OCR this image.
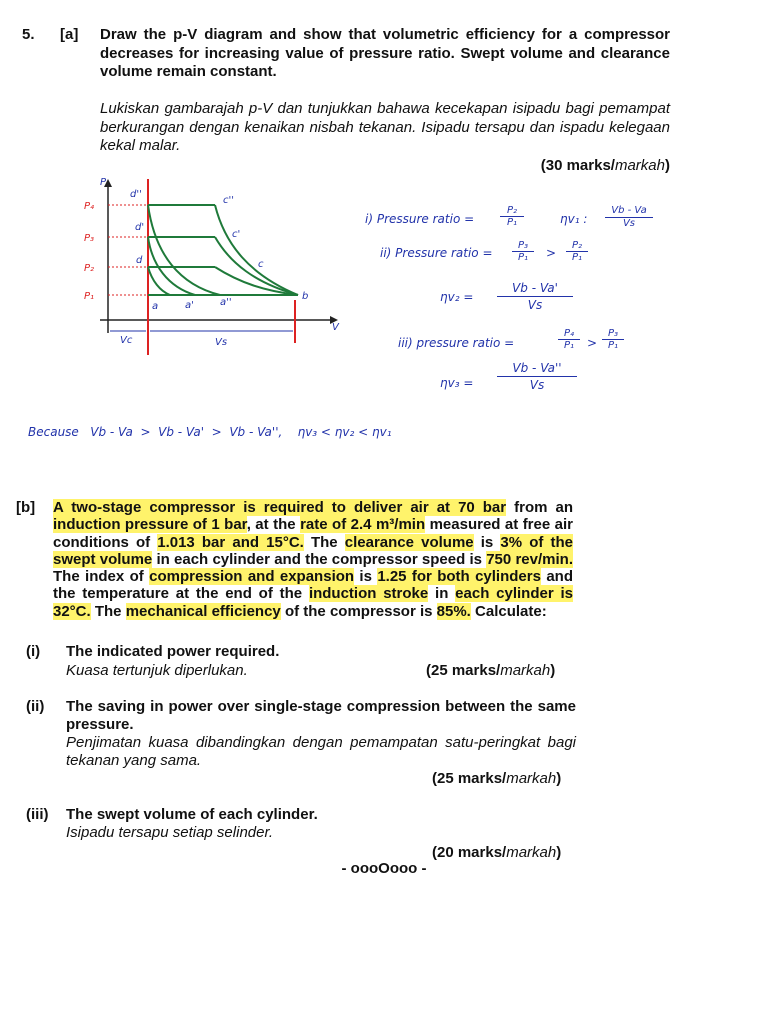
5. [a] Draw the p-V diagram and show that volumetric efficiency for a compressor decreases for increasing value of pressure ratio. Swept volume and clearance volume remain constant.
Lukiskan gambarajah p-V dan tunjukkan bahawa kecekapan isipadu bagi pemampat berkurangan dengan kenaikan nisbah tekanan. Isipadu tersapu dan ispadu kelegaan kekal malar.
(30 marks/markah)
P
V
P₄
P₃
P₂
P₁
d''
d'
d
c''
c'
c
b
a	a'	a''
Vc	Vs
i) Pressure ratio =
P₂
P₁	ηv₁ :
Vb - Va
Vs
ii) Pressure ratio =
P₃
P₁	>
P₂
P₁
ηv₂ =
Vb - Va'
Vs
iii) pressure ratio =
P₄
P₁	>
P₃
P₁
ηv₃ =
Vb - Va''
Vs
Because   Vb - Va  >  Vb - Va'  >  Vb - Va'',    ηv₃ < ηv₂ < ηv₁
[b] A two-stage compressor is required to deliver air at 70 bar from an induction pressure of 1 bar, at the rate of 2.4 m³/min measured at free air conditions of 1.013 bar and 15°C. The clearance volume is 3% of the swept volume in each cylinder and the compressor speed is 750 rev/min. The index of compression and expansion is 1.25 for both cylinders and the temperature at the end of the induction stroke in each cylinder is 32°C. The mechanical efficiency of the compressor is 85%. Calculate:
(i) The indicated power required.
Kuasa tertunjuk diperlukan.	(25 marks/markah)
(ii) The saving in power over single-stage compression between the same pressure.
Penjimatan kuasa dibandingkan dengan pemampatan satu-peringkat bagi tekanan yang sama.
(25 marks/markah)
(iii) The swept volume of each cylinder.
Isipadu tersapu setiap selinder.
(20 marks/markah)
- oooOooo -
